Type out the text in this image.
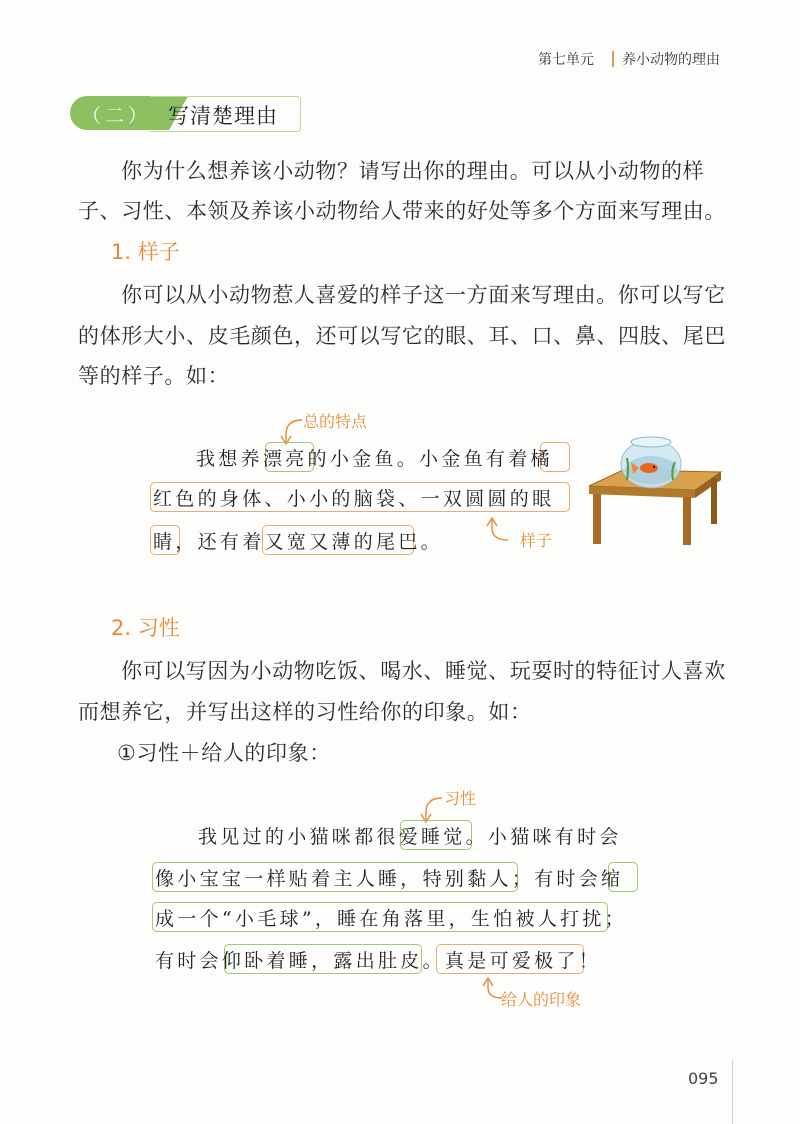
第七单元 养小动物的理由
（二） 写清楚理由
你为什么想养该小动物？请写出你的理由。可以从小动物的样
子、习性、本领及养该小动物给人带来的好处等多个方面来写理由。
1. 样子
你可以从小动物惹人喜爱的样子这一方面来写理由。你可以写它
的体形大小、皮毛颜色，还可以写它的眼、耳、口、鼻、四肢、尾巴
等的样子。如：
总的特点
我想养漂亮的小金鱼。小金鱼有着橘
红色的身体、小小的脑袋、一双圆圆的眼
睛，还有着又宽又薄的尾巴。	样子
2. 习性
你可以写因为小动物吃饭、喝水、睡觉、玩耍时的特征讨人喜欢
而想养它，并写出这样的习性给你的印象。如：
①习性＋给人的印象：
习性
我见过的小猫咪都很爱睡觉。小猫咪有时会
像小宝宝一样贴着主人睡，特别黏人；有时会缩
成一个“小毛球”，睡在角落里，生怕被人打扰；
有时会仰卧着睡，露出肚皮。真是可爱极了！
给人的印象
095
